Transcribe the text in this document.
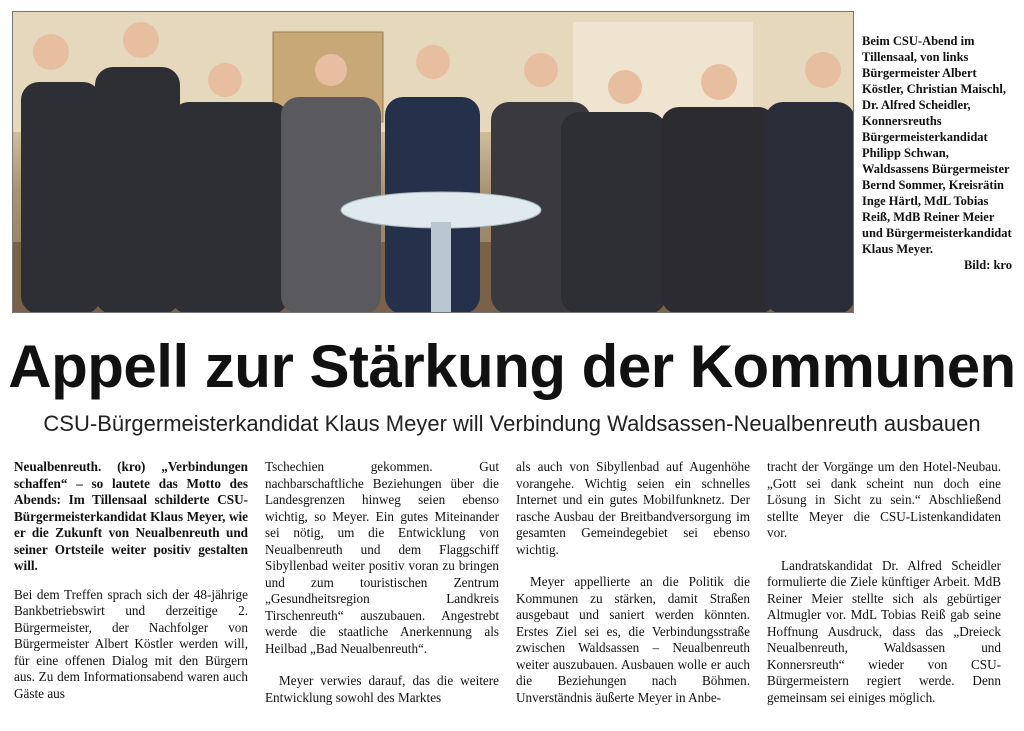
Beim CSU-Abend im Tillensaal, von links Bürgermeister Albert Köstler, Christian Maischl, Dr. Alfred Scheidler, Konnersreuths Bürgermeisterkandidat Philipp Schwan, Waldsassens Bürgermeister Bernd Sommer, Kreisrätin Inge Härtl, MdL Tobias Reiß, MdB Reiner Meier und Bürgermeisterkandidat Klaus Meyer.
Bild: kro
Appell zur Stärkung der Kommunen
CSU-Bürgermeisterkandidat Klaus Meyer will Verbindung Waldsassen-Neualbenreuth ausbauen

Neualbenreuth. (kro) „Verbindungen schaffen“ – so lautete das Motto des Abends: Im Tillensaal schilderte CSU-Bürgermeisterkandidat Klaus Meyer, wie er die Zukunft von Neualbenreuth und seiner Ortsteile weiter positiv gestalten will.

Bei dem Treffen sprach sich der 48-jährige Bankbetriebswirt und derzeitige 2. Bürgermeister, der Nachfolger von Bürgermeister Albert Köstler werden will, für eine offenen Dialog mit den Bürgern aus. Zu dem Informationsabend waren auch Gäste aus

Tschechien gekommen. Gut nachbarschaftliche Beziehungen über die Landesgrenzen hinweg seien ebenso wichtig, so Meyer. Ein gutes Miteinander sei nötig, um die Entwicklung von Neualbenreuth und dem Flaggschiff Sibyllenbad weiter positiv voran zu bringen und zum touristischen Zentrum „Gesundheitsregion Landkreis Tirschenreuth“ auszubauen. Angestrebt werde die staatliche Anerkennung als Heilbad „Bad Neualbenreuth“.

Meyer verwies darauf, das die weitere Entwicklung sowohl des Marktes

als auch von Sibyllenbad auf Augenhöhe vorangehe. Wichtig seien ein schnelles Internet und ein gutes Mobilfunknetz. Der rasche Ausbau der Breitbandversorgung im gesamten Gemeindegebiet sei ebenso wichtig.

Meyer appellierte an die Politik die Kommunen zu stärken, damit Straßen ausgebaut und saniert werden könnten. Erstes Ziel sei es, die Verbindungsstraße zwischen Waldsassen – Neualbenreuth weiter auszubauen. Ausbauen wolle er auch die Beziehungen nach Böhmen. Unverständnis äußerte Meyer in Anbe-

tracht der Vorgänge um den Hotel-Neubau. „Gott sei dank scheint nun doch eine Lösung in Sicht zu sein.“ Abschließend stellte Meyer die CSU-Listenkandidaten vor.

Landratskandidat Dr. Alfred Scheidler formulierte die Ziele künftiger Arbeit. MdB Reiner Meier stellte sich als gebürtiger Altmugler vor. MdL Tobias Reiß gab seine Hoffnung Ausdruck, dass das „Dreieck Neualbenreuth, Waldsassen und Konnersreuth“ wieder von CSU-Bürgermeistern regiert werde. Denn gemeinsam sei einiges möglich.
